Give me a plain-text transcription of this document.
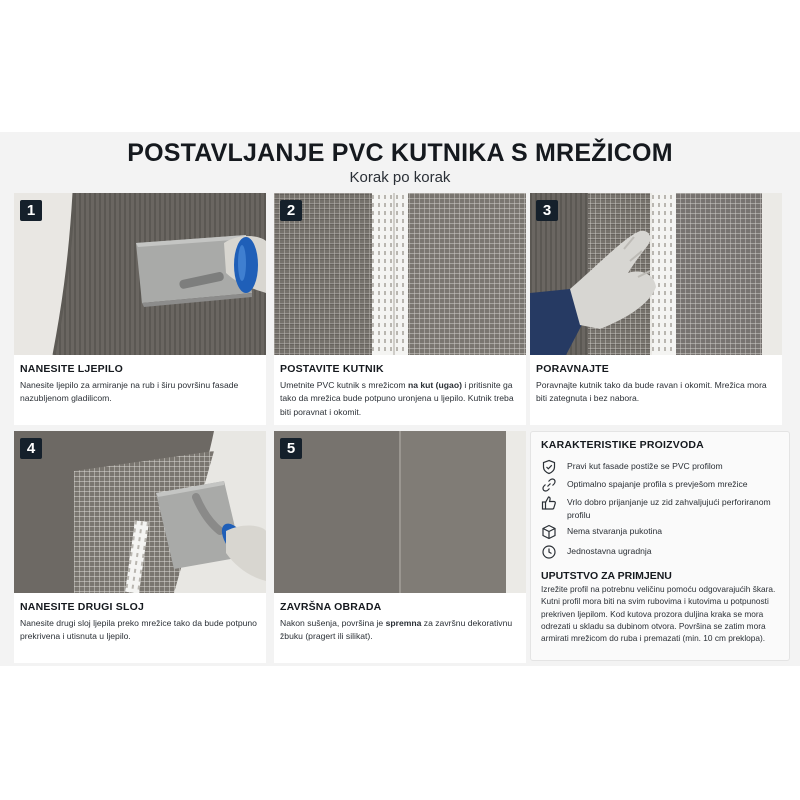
POSTAVLJANJE PVC KUTNIKA S MREŽICOM
Korak po korak
1
NANESITE LJEPILO
Nanesite ljepilo za armiranje na rub i širu površinu fasade nazubljenom gladilicom.
2
POSTAVITE KUTNIK
Umetnite PVC kutnik s mrežicom na kut (ugao) i pritisnite ga tako da mrežica bude potpuno uronjena u ljepilo. Kutnik treba biti poravnat i okomit.
3
PORAVNAJTE
Poravnajte kutnik tako da bude ravan i okomit. Mrežica mora biti zategnuta i bez nabora.
4
NANESITE DRUGI SLOJ
Nanesite drugi sloj ljepila preko mrežice tako da bude potpuno prekrivena i utisnuta u ljepilo.
5
ZAVRŠNA OBRADA
Nakon sušenja, površina je spremna za završnu dekorativnu žbuku (pragert ili silikat).
KARAKTERISTIKE PROIZVODA
Pravi kut fasade postiže se PVC profilom
Optimalno spajanje profila s prevješom mrežice
Vrlo dobro prijanjanje uz zid zahvaljujući perforiranom profilu
Nema stvaranja pukotina
Jednostavna ugradnja
UPUTSTVO ZA PRIMJENU
Izrežite profil na potrebnu veličinu pomoću odgovarajućih škara. Kutni profil mora biti na svim rubovima i kutovima u potpunosti prekriven ljepilom. Kod kutova prozora duljina kraka se mora odrezati u skladu sa dubinom otvora. Površina se zatim mora armirati mrežicom do ruba i premazati (min. 10 cm preklopa).
